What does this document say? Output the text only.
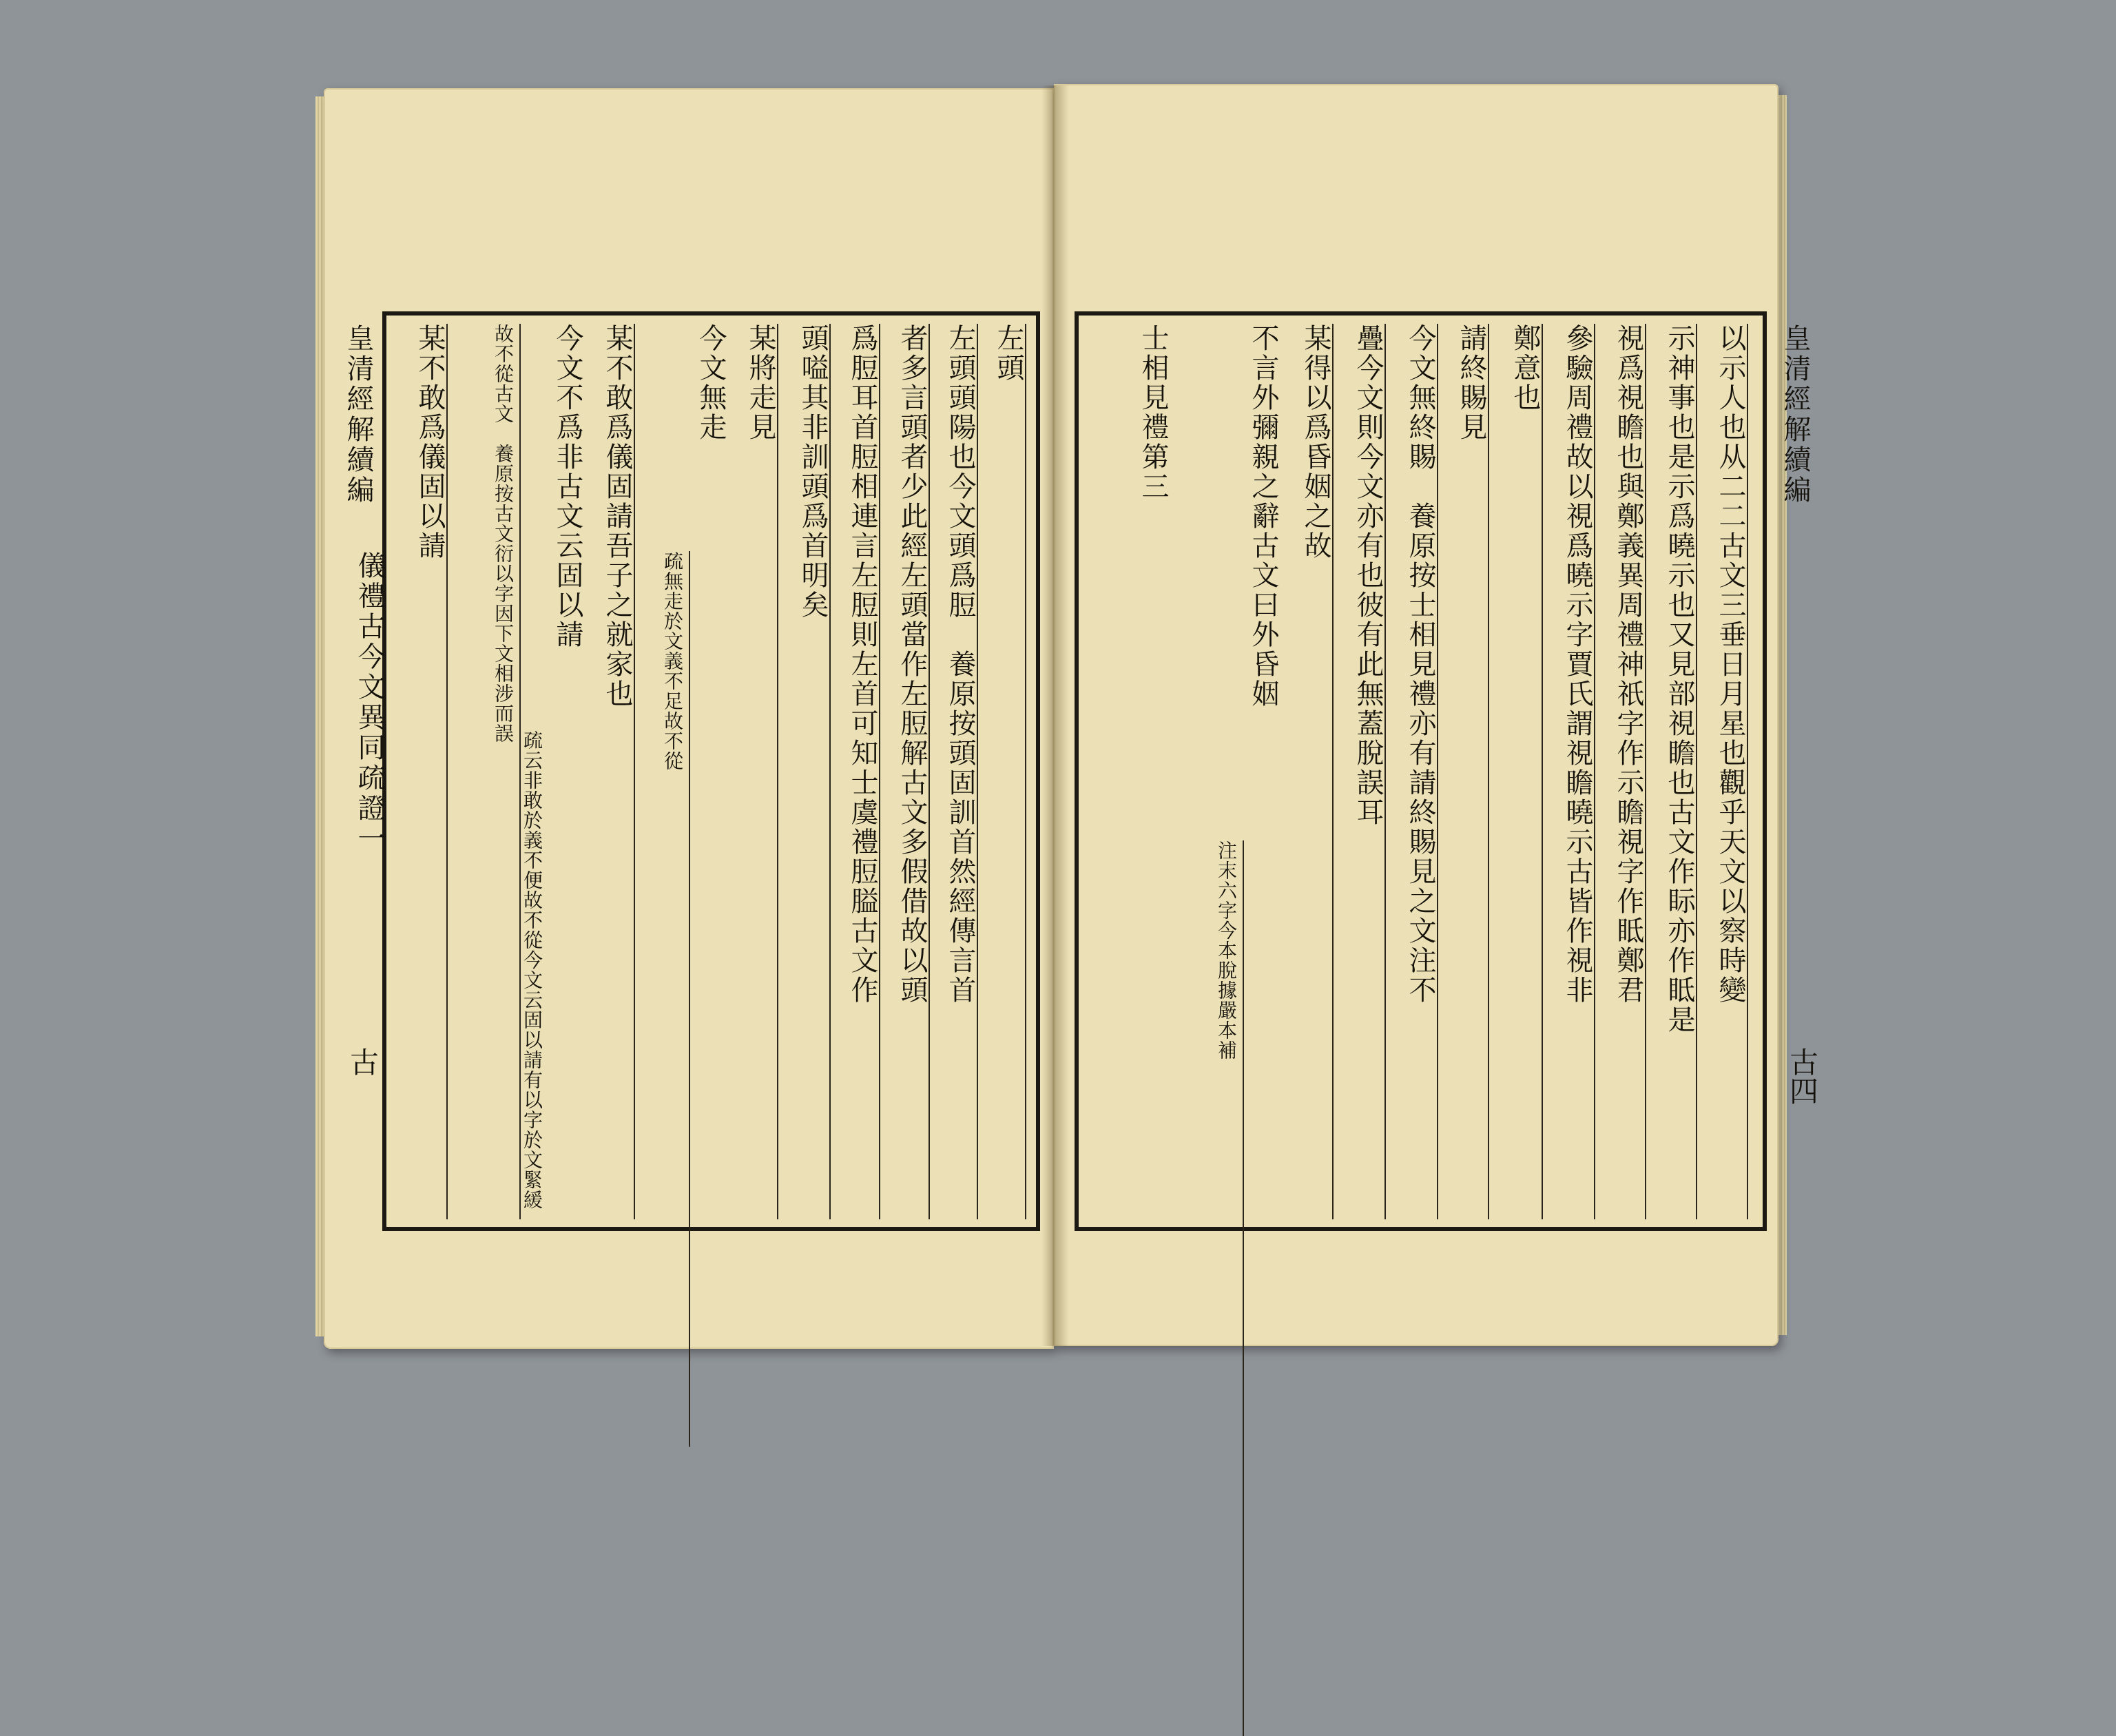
皇清經解續編
儀禮古今文異同疏證一
古
左頭
左頭頭陽也今文頭爲脰　養原按頭固訓首然經傳言首
者多言頭者少此經左頭當作左脰解古文多假借故以頭
爲脰耳首脰相連言左脰則左首可知士虞禮脰膉古文作
頭嗌其非訓頭爲首明矣
某將走見
今文無走
疏無走於文義不足故不從
某不敢爲儀固請吾子之就家也
今文不爲非古文云固以請
疏云非敢於義不便故不從今文云固以請有以字於文緊緩
故不從古文　養原按古文衍以字因下文相涉而誤
某不敢爲儀固以請	皇清經解續編
古四
以示人也从二二古文三垂日月星也觀乎天文以察時變
示神事也是示爲曉示也又見部視瞻也古文作眎亦作眡是
視爲視瞻也與鄭義異周禮神祇字作示瞻視字作眡鄭君
參驗周禮故以視爲曉示字賈氏謂視瞻曉示古皆作視非
鄭意也
請終賜見
今文無終賜　養原按士相見禮亦有請終賜見之文注不
疊今文則今文亦有也彼有此無蓋脫誤耳
某得以爲昏姻之故
不言外彌親之辭古文曰外昏姻
注末六字今本脫據嚴本補
士相見禮第三
